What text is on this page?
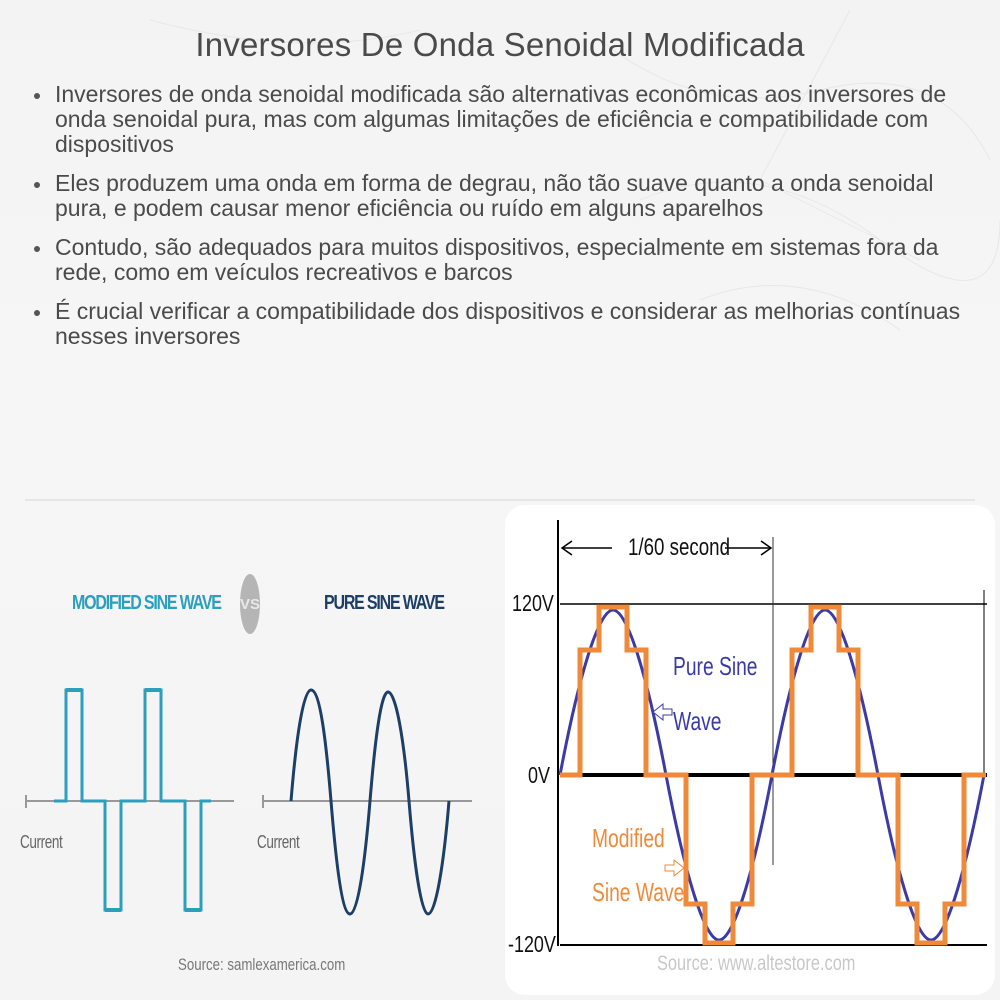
Inversores De Onda Senoidal Modificada
Inversores de onda senoidal modificada são alternativas econômicas aos inversores de onda senoidal pura, mas com algumas limitações de eficiência e compatibilidade com dispositivos
Eles produzem uma onda em forma de degrau, não tão suave quanto a onda senoidal pura, e podem causar menor eficiência ou ruído em alguns aparelhos
Contudo, são adequados para muitos dispositivos, especialmente em sistemas fora da rede, como em veículos recreativos e barcos
É crucial verificar a compatibilidade dos dispositivos e considerar as melhorias contínuas nesses inversores
MODIFIED SINE WAVE VS	PURE SINE WAVE
Current	Current
Source: samlexamerica.com
1/60 second
120V
0V
-120V
Pure Sine
Wave
Modified
Sine Wave
Source: www.altestore.com
